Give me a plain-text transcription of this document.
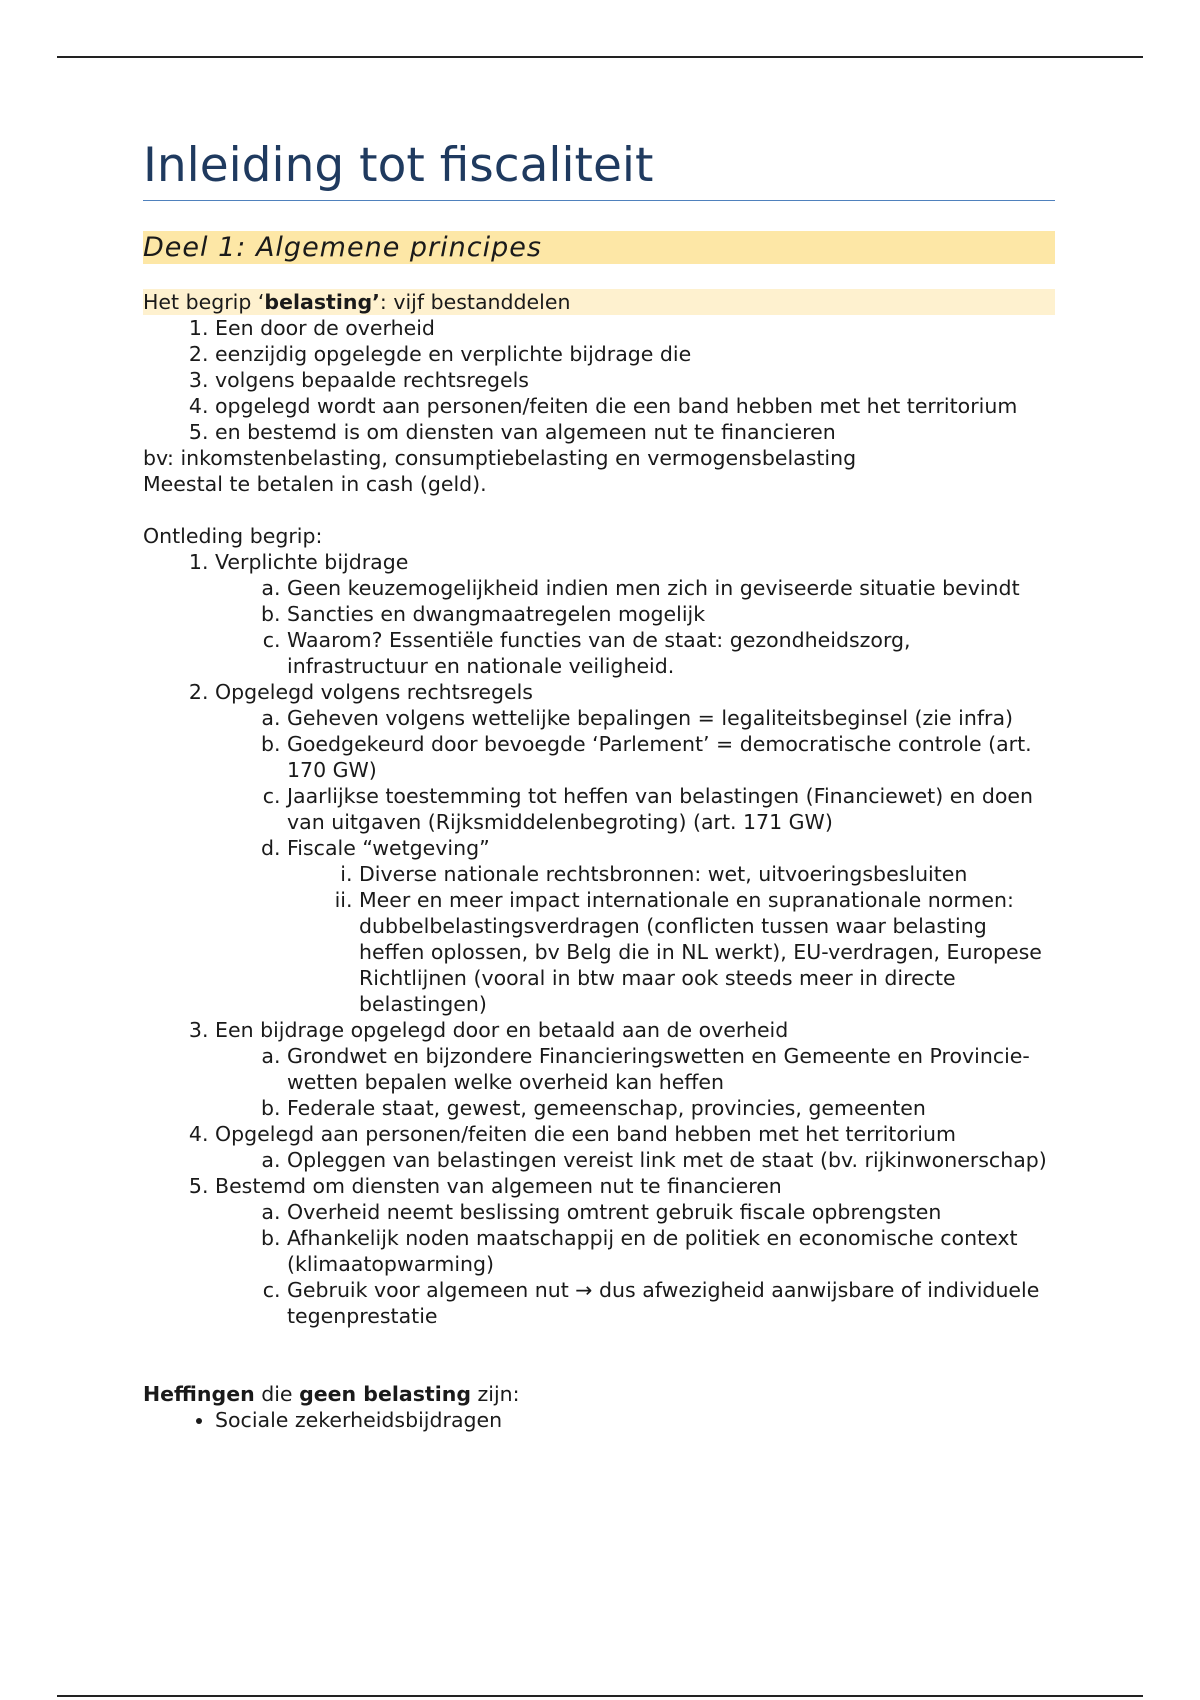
Inleiding tot fiscaliteit
Deel 1: Algemene principes
Het begrip ‘belasting’: vijf bestanddelen
1. Een door de overheid
2. eenzijdig opgelegde en verplichte bijdrage die
3. volgens bepaalde rechtsregels
4. opgelegd wordt aan personen/feiten die een band hebben met het territorium
5. en bestemd is om diensten van algemeen nut te financieren

bv: inkomstenbelasting, consumptiebelasting en vermogensbelasting

Meestal te betalen in cash (geld).

Ontleding begrip:

1. Verplichte bijdrage
a. Geen keuzemogelijkheid indien men zich in geviseerde situatie bevindt
b. Sancties en dwangmaatregelen mogelijk
c. Waarom? Essentiële functies van de staat: gezondheidszorg, infrastructuur en nationale veiligheid.
2. Opgelegd volgens rechtsregels
a. Geheven volgens wettelijke bepalingen = legaliteitsbeginsel (zie infra)
b. Goedgekeurd door bevoegde ‘Parlement’ = democratische controle (art. 170 GW)
c. Jaarlijkse toestemming tot heffen van belastingen (Financiewet) en doen van uitgaven (Rijksmiddelenbegroting) (art. 171 GW)
d. Fiscale “wetgeving”
i. Diverse nationale rechtsbronnen: wet, uitvoeringsbesluiten
ii. Meer en meer impact internationale en supranationale normen: dubbelbelastingsverdragen (conflicten tussen waar belasting heffen oplossen, bv Belg die in NL werkt), EU-verdragen, Europese Richtlijnen (vooral in btw maar ook steeds meer in directe belastingen)
3. Een bijdrage opgelegd door en betaald aan de overheid
a. Grondwet en bijzondere Financieringswetten en Gemeente en Provincie-wetten bepalen welke overheid kan heffen
b. Federale staat, gewest, gemeenschap, provincies, gemeenten
4. Opgelegd aan personen/feiten die een band hebben met het territorium
a. Opleggen van belastingen vereist link met de staat (bv. rijkinwonerschap)
5. Bestemd om diensten van algemeen nut te financieren
a. Overheid neemt beslissing omtrent gebruik fiscale opbrengsten
b. Afhankelijk noden maatschappij en de politiek en economische context (klimaatopwarming)
c. Gebruik voor algemeen nut → dus afwezigheid aanwijsbare of individuele tegenprestatie

Heffingen die geen belasting zijn:

• Sociale zekerheidsbijdragen
